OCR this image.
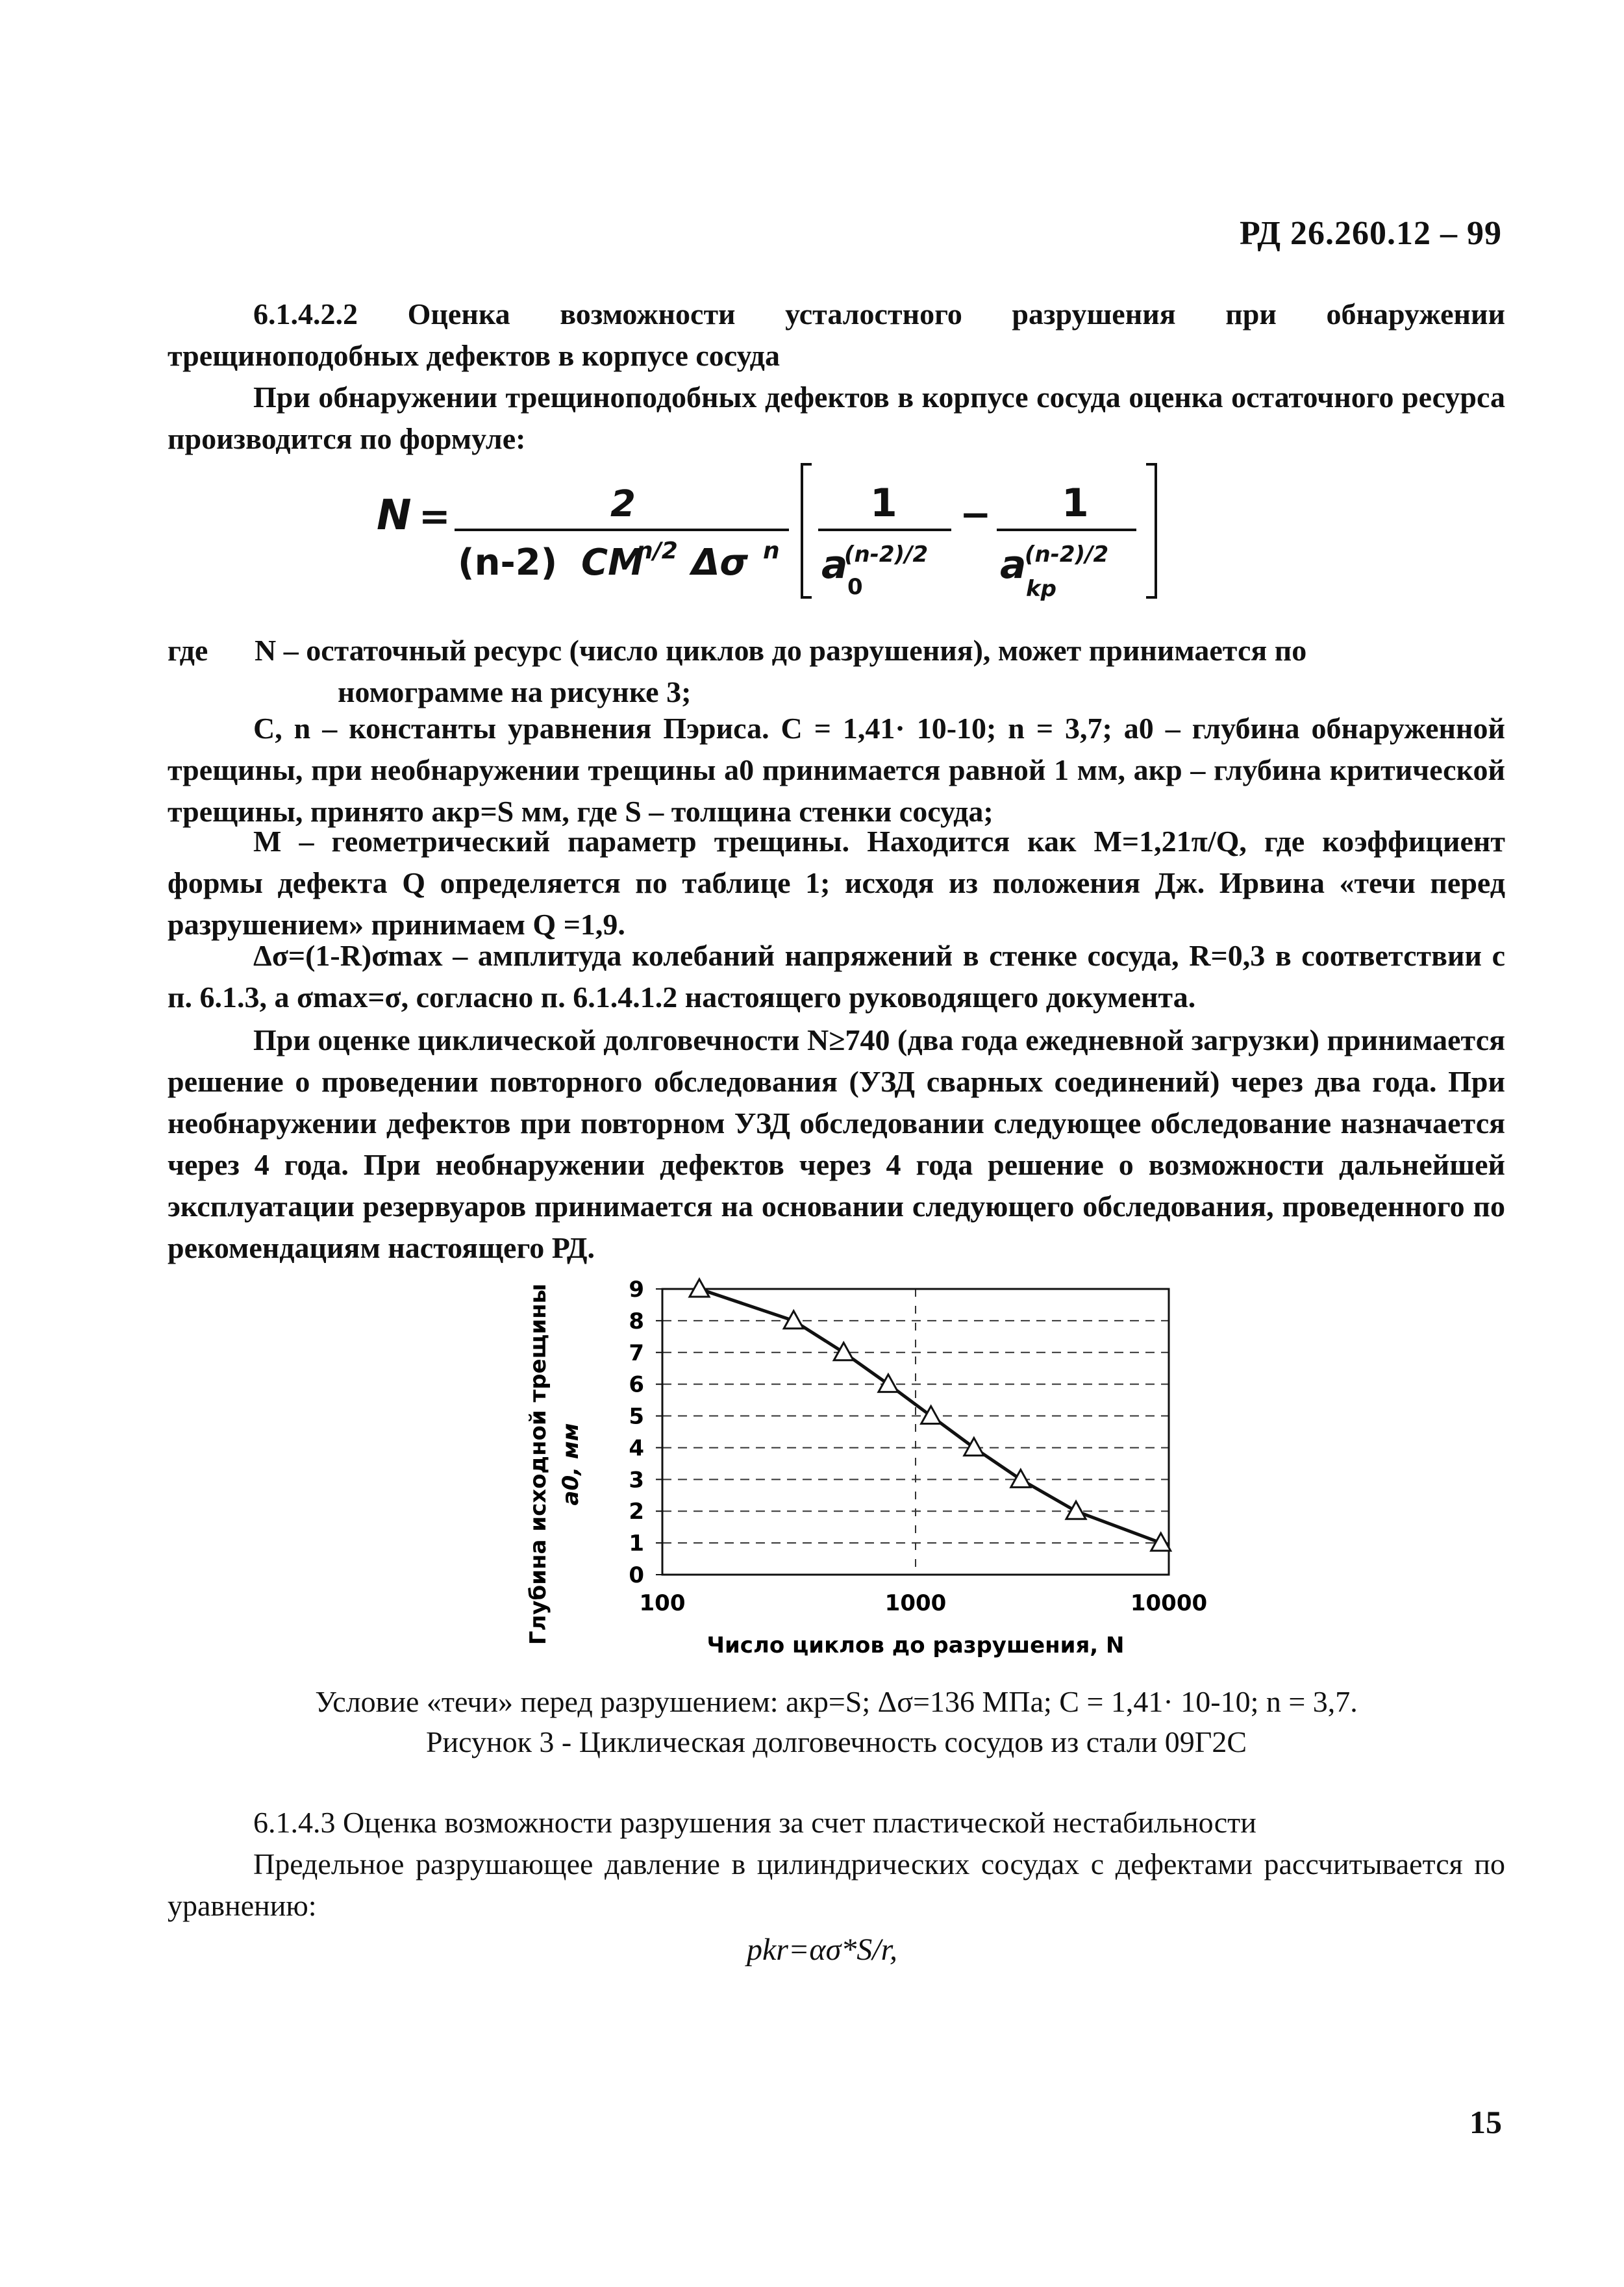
РД 26.260.12 – 99
6.1.4.2.2 Оценка возможности усталостного разрушения при обнаружении трещиноподобных дефектов в корпусе сосуда
При обнаружении трещиноподобных дефектов в корпусе сосуда оценка остаточного ресурса производится по формуле:
N =	2
(n-2) CM
n/2 Δσ n
1
a
(n-2)/2
0
− 1
a
(n-2)/2
kp
где	N – остаточный ресурс (число циклов до разрушения), может принимается по
номограмме на рисунке 3;
C, n – константы уравнения Пэриса. C = 1,41· 10-10; n = 3,7; a0 – глубина обнаруженной трещины, при необнаружении трещины a0 принимается равной 1 мм, aкр – глубина критической трещины, принято aкр=S мм, где S – толщина стенки сосуда;
M – геометрический параметр трещины. Находится как M=1,21π/Q, где коэффициент формы дефекта Q определяется по таблице 1; исходя из положения Дж. Ирвина «течи перед разрушением» принимаем Q =1,9.
Δσ=(1-R)σmax – амплитуда колебаний напряжений в стенке сосуда, R=0,3 в соответствии с п. 6.1.3, а σmax=σ, согласно п. 6.1.4.1.2 настоящего руководящего документа.
При оценке циклической долговечности N≥740 (два года ежедневной загрузки) принимается решение о проведении повторного обследования (УЗД сварных соединений) через два года. При необнаружении дефектов при повторном УЗД обследовании следующее обследование назначается через 4 года. При необнаружении дефектов через 4 года решение о возможности дальнейшей эксплуатации резервуаров принимается на основании следующего обследования, проведенного по рекомендациям настоящего РД.
0
1
2
3
4
5
6
7
8
9
100	1000	10000
Глубина исходной трещины a0, мм
Число циклов до разрушения, N
Условие «течи» перед разрушением: aкр=S; Δσ=136 МПа; C = 1,41· 10-10; n = 3,7.
Рисунок 3 - Циклическая долговечность сосудов из стали 09Г2С
6.1.4.3 Оценка возможности разрушения за счет пластической нестабильности
Предельное разрушающее давление в цилиндрических сосудах с дефектами рассчитывается по уравнению:
pkr=ασ*S/r,
15
